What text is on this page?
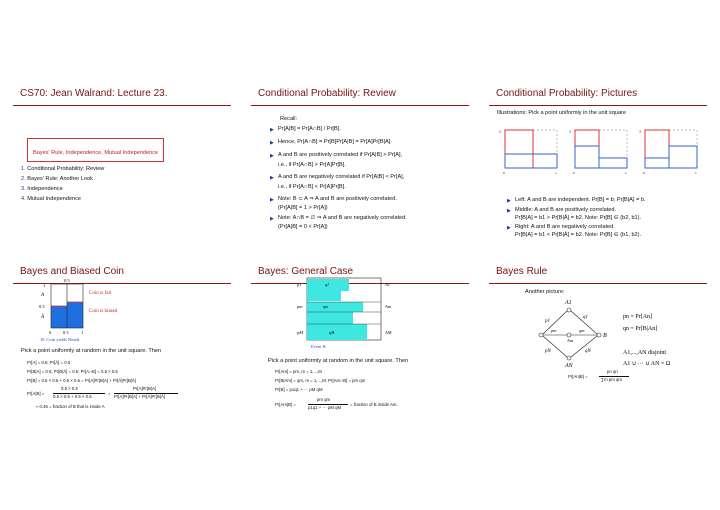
CS70: Jean Walrand: Lecture 23.
Bayes' Rule, Independence, Mutual Independence
1. Conditional Probability: Review
2. Bayes' Rule: Another Look
3. Independence
4. Mutual Independence
Conditional Probability: Review
Recall:
▶ Pr[A|B] = Pr[A∩B] / Pr[B].
▶ Hence, Pr[A∩B] = Pr[B]Pr[A|B] = Pr[A]Pr[B|A].
▶ A and B are positively correlated if Pr[A|B] > Pr[A],
i.e., if Pr[A∩B] > Pr[A]Pr[B].
▶ A and B are negatively correlated if Pr[A|B] < Pr[A],
i.e., if Pr[A∩B] < Pr[A]Pr[B].
▶ Note: B ⊂ A ⇒ A and B are positively correlated.
(Pr[A|B] = 1 > Pr[A])
▶ Note: A∩B = ∅ ⇒ A and B are negatively correlated.
(Pr[A|B] = 0 < Pr[A])
Conditional Probability: Pictures
Illustrations: Pick a point uniformly in the unit square
1	1	1
0	1	0	1	0	1
▶ Left: A and B are independent. Pr[B] = b; Pr[B|A] = b.
▶ Middle: A and B are positively correlated.
Pr[B|A] = b1 > Pr[B|Ā] = b2. Note: Pr[B] ∈ (b2, b1).
▶ Right: A and B are negatively correlated.
Pr[B|A] = b1 < Pr[B|Ā] = b2. Note: Pr[B] ∈ (b1, b2).
Bayes and Biased Coin
0.5
1
0.5
A
Ā
Coin is fair
Coin is biased
0	0.5	1
B: Coin yields Heads
Pick a point uniformly at random in the unit square. Then
Pr[A] = 0.5; Pr[Ā] = 0.5
Pr[B|A] = 0.5; Pr[B|Ā] = 0.6; Pr[A∩B] = 0.5 × 0.5
Pr[B] = 0.5 × 0.5 + 0.5 × 0.6 = Pr[A]Pr[B|A] + Pr[Ā]Pr[B|Ā]
Pr[A|B] =
0.5 × 0.5
0.5 × 0.5 + 0.5 × 0.6
=
Pr[A]Pr[B|A]
Pr[A]Pr[B|A] + Pr[Ā]Pr[B|Ā]
≈ 0.46 = fraction of B that is inside A
Bayes: General Case
p1
pm
pM
A1
Am
AM
q1
qm
qM
Event B
Pick a point uniformly at random in the unit square. Then
Pr[Am] = pm, m = 1,...,M
Pr[B|Am] = qm, m = 1,...,M; Pr[Am∩B] = pm qm
Pr[B] = p1q1 + ··· pM qM
Pr[Am|B] =
pm qm
p1q1 + ··· pM qM
= fraction of B inside Am.
Bayes Rule
Another picture:
A1
p1
q1
pm	qm
Am
pN	qN
AN
B
pn = Pr[An]
qn = Pr[B|An]
A1,...,AN disjoint
A1 ∪ ··· ∪ AN = Ω
Pr[An|B] =
pn qn
∑m pm qm
